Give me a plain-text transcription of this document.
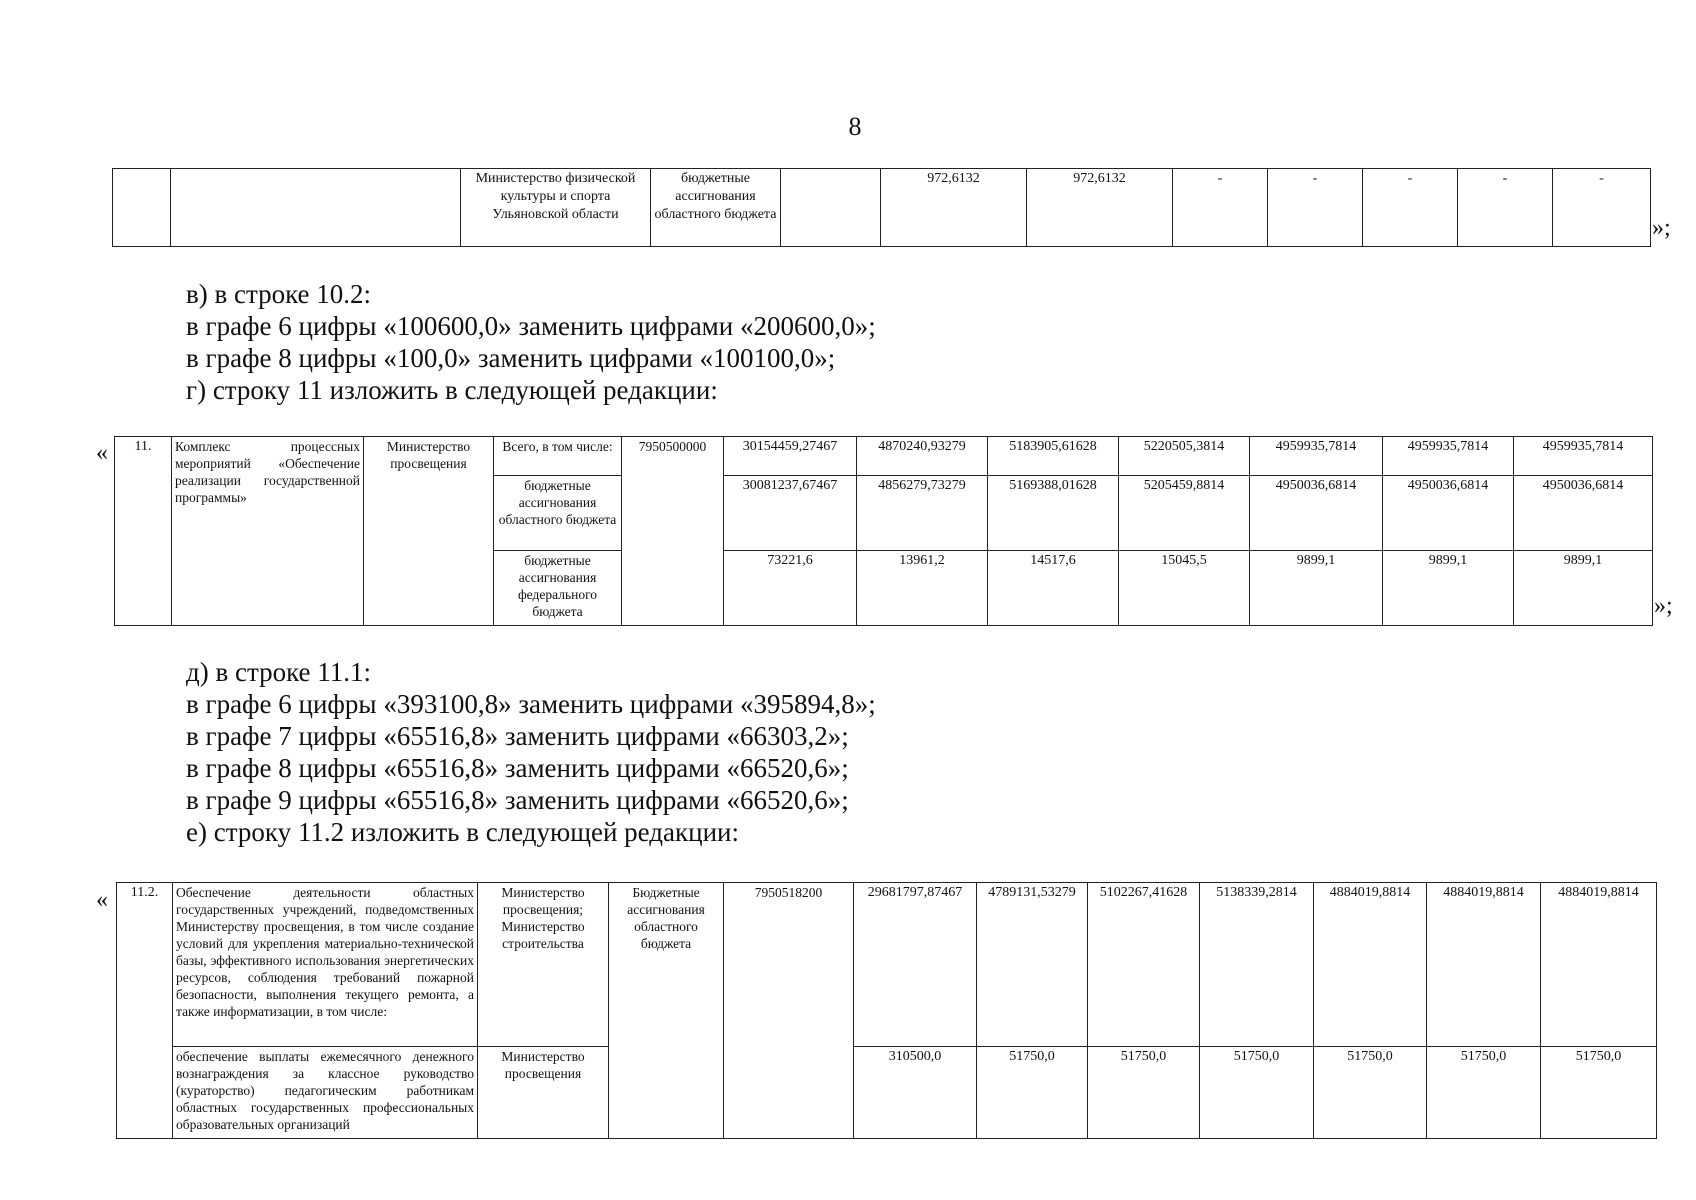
8
		Министерство физической культуры и спорта Ульяновской области	бюджетные ассигнования областного бюджета		972,6132	972,6132	-	-	-	-	-
»;
в) в строке 10.2:
в графе 6 цифры «100600,0» заменить цифрами «200600,0»;
в графе 8 цифры «100,0» заменить цифрами «100100,0»;
г) строку 11 изложить в следующей редакции:
« 11.	Комплекс процессных мероприятий «Обеспечение реализации государственной программы»	Министерство просвещения	Всего, в том числе:	7950500000	30154459,27467	4870240,93279	5183905,61628	5220505,3814	4959935,7814	4959935,7814	4959935,7814
			бюджетные ассигнования областного бюджета		30081237,67467	4856279,73279	5169388,01628	5205459,8814	4950036,6814	4950036,6814	4950036,6814
			бюджетные ассигнования федерального бюджета		73221,6	13961,2	14517,6	15045,5	9899,1	9899,1	9899,1
»;
д) в строке 11.1:
в графе 6 цифры «393100,8» заменить цифрами «395894,8»;
в графе 7 цифры «65516,8» заменить цифрами «66303,2»;
в графе 8 цифры «65516,8» заменить цифрами «66520,6»;
в графе 9 цифры «65516,8» заменить цифрами «66520,6»;
е) строку 11.2 изложить в следующей редакции:
« 11.2.	Обеспечение деятельности областных государственных учреждений, подведомственных Министерству просвещения, в том числе создание условий для укрепления материально-технической базы, эффективного использования энергетических ресурсов, соблюдения требований пожарной безопасности, выполнения текущего ремонта, а также информатизации, в том числе:	Министерство просвещения; Министерство строительства	Бюджетные ассигнования областного бюджета	7950518200	29681797,87467	4789131,53279	5102267,41628	5138339,2814	4884019,8814	4884019,8814	4884019,8814
	обеспечение выплаты ежемесячного денежного вознаграждения за классное руководство (кураторство) педагогическим работникам областных государственных профессиональных образовательных организаций	Министерство просвещения			310500,0	51750,0	51750,0	51750,0	51750,0	51750,0	51750,0
